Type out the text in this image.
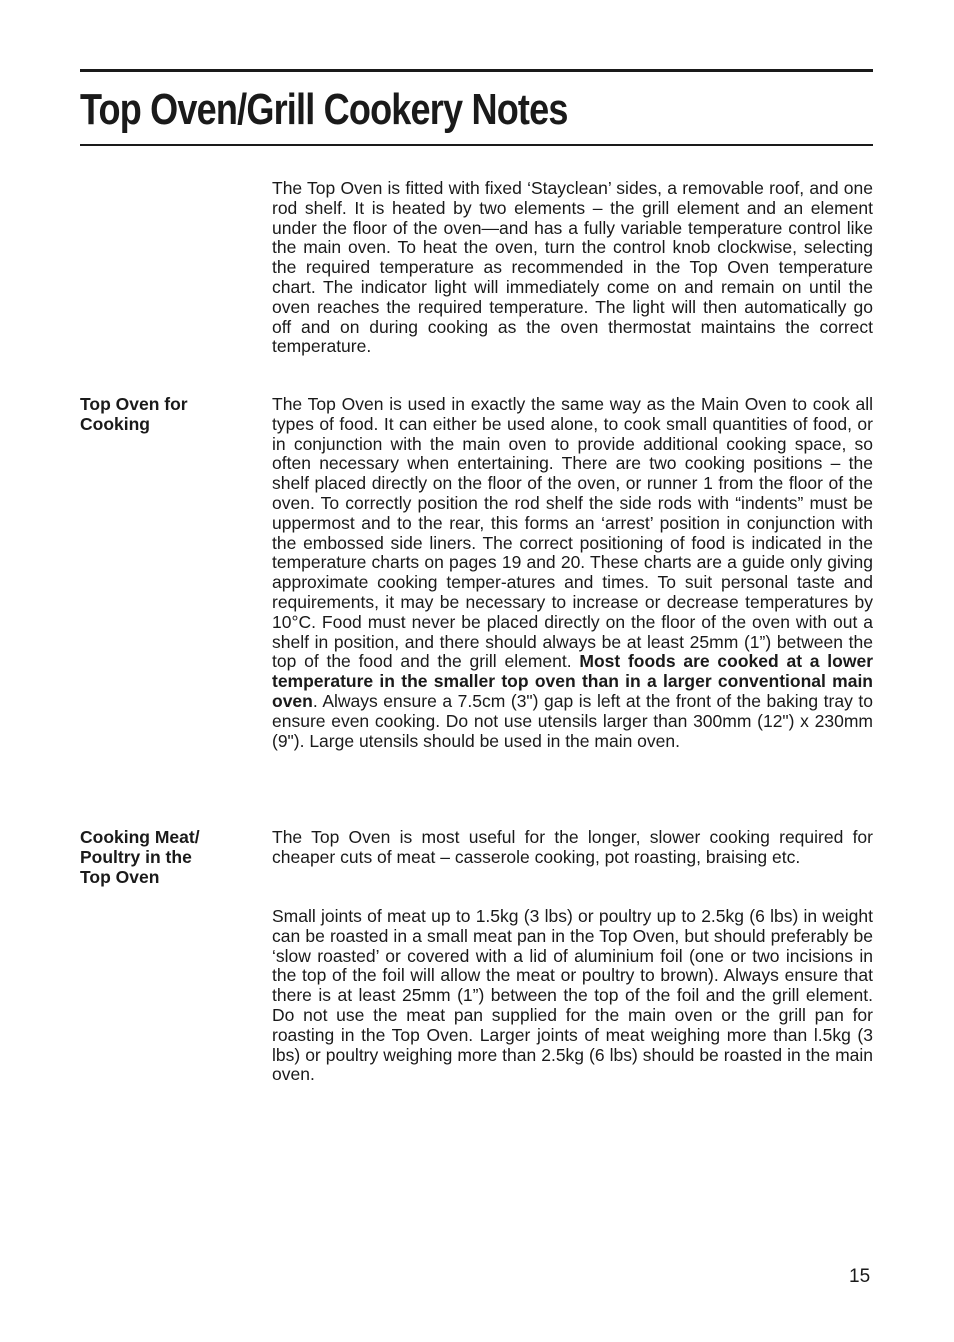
Top Oven/Grill Cookery Notes

The Top Oven is fitted with fixed ‘Stayclean’ sides, a removable roof, and one rod shelf. It is heated by two elements – the grill element and an element under the floor of the oven—and has a fully variable temperature control like the main oven. To heat the oven, turn the control knob clockwise, selecting the required temperature as recommended in the Top Oven temperature chart. The indicator light will immediately come on and remain on until the oven reaches the required temperature. The light will then automatically go off and on during cooking as the oven thermostat maintains the correct temperature.

Top Oven for
Cooking

The Top Oven is used in exactly the same way as the Main Oven to cook all types of food. It can either be used alone, to cook small quantities of food, or in conjunction with the main oven to provide additional cooking space, so often necessary when entertaining. There are two cooking positions – the shelf placed directly on the floor of the oven, or runner 1 from the floor of the oven. To correctly position the rod shelf the side rods with “indents” must be uppermost and to the rear, this forms an ‘arrest’ position in conjunction with the embossed side liners. The correct positioning of food is indicated in the temperature charts on pages 19 and 20. These charts are a guide only giving approximate cooking temper-atures and times. To suit personal taste and requirements, it may be necessary to increase or decrease temperatures by 10°C. Food must never be placed directly on the floor of the oven with out a shelf in position, and there should always be at least 25mm (1”) between the top of the food and the grill element. Most foods are cooked at a lower temperature in the smaller top oven than in a larger conventional main oven. Always ensure a 7.5cm (3") gap is left at the front of the baking tray to ensure even cooking. Do not use utensils larger than 300mm (12") x 230mm (9"). Large utensils should be used in the main oven.

Cooking Meat/
Poultry in the
Top Oven

The Top Oven is most useful for the longer, slower cooking required for cheaper cuts of meat – casserole cooking, pot roasting, braising etc.

Small joints of meat up to 1.5kg (3 lbs) or poultry up to 2.5kg (6 lbs) in weight can be roasted in a small meat pan in the Top Oven, but should preferably be ‘slow roasted’ or covered with a lid of aluminium foil (one or two incisions in the top of the foil will allow the meat or poultry to brown). Always ensure that there is at least 25mm (1”) between the top of the foil and the grill element. Do not use the meat pan supplied for the main oven or the grill pan for roasting in the Top Oven. Larger joints of meat weighing more than l.5kg (3 lbs) or poultry weighing more than 2.5kg (6 lbs) should be roasted in the main oven.

15
